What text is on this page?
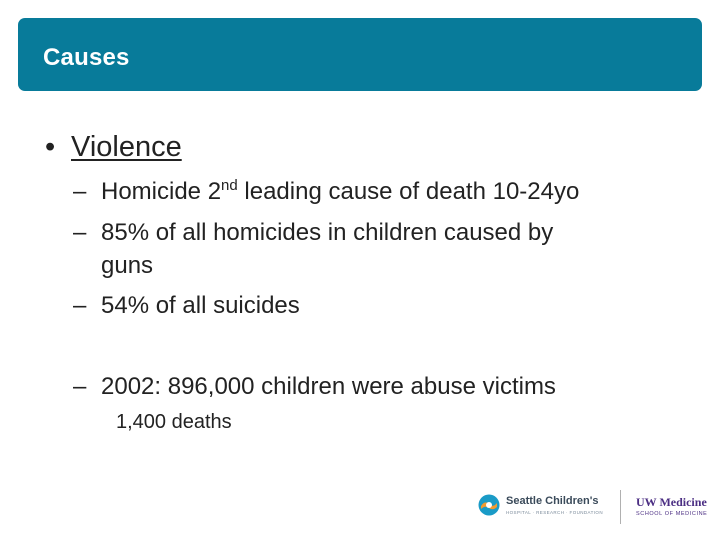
Causes
• Violence
– Homicide 2nd leading cause of death 10-24yo
– 85% of all homicides in children caused by
guns
– 54% of all suicides
– 2002: 896,000 children were abuse victims
1,400 deaths
Seattle Children's
HOSPITAL · RESEARCH · FOUNDATION
UW Medicine
SCHOOL OF MEDICINE
